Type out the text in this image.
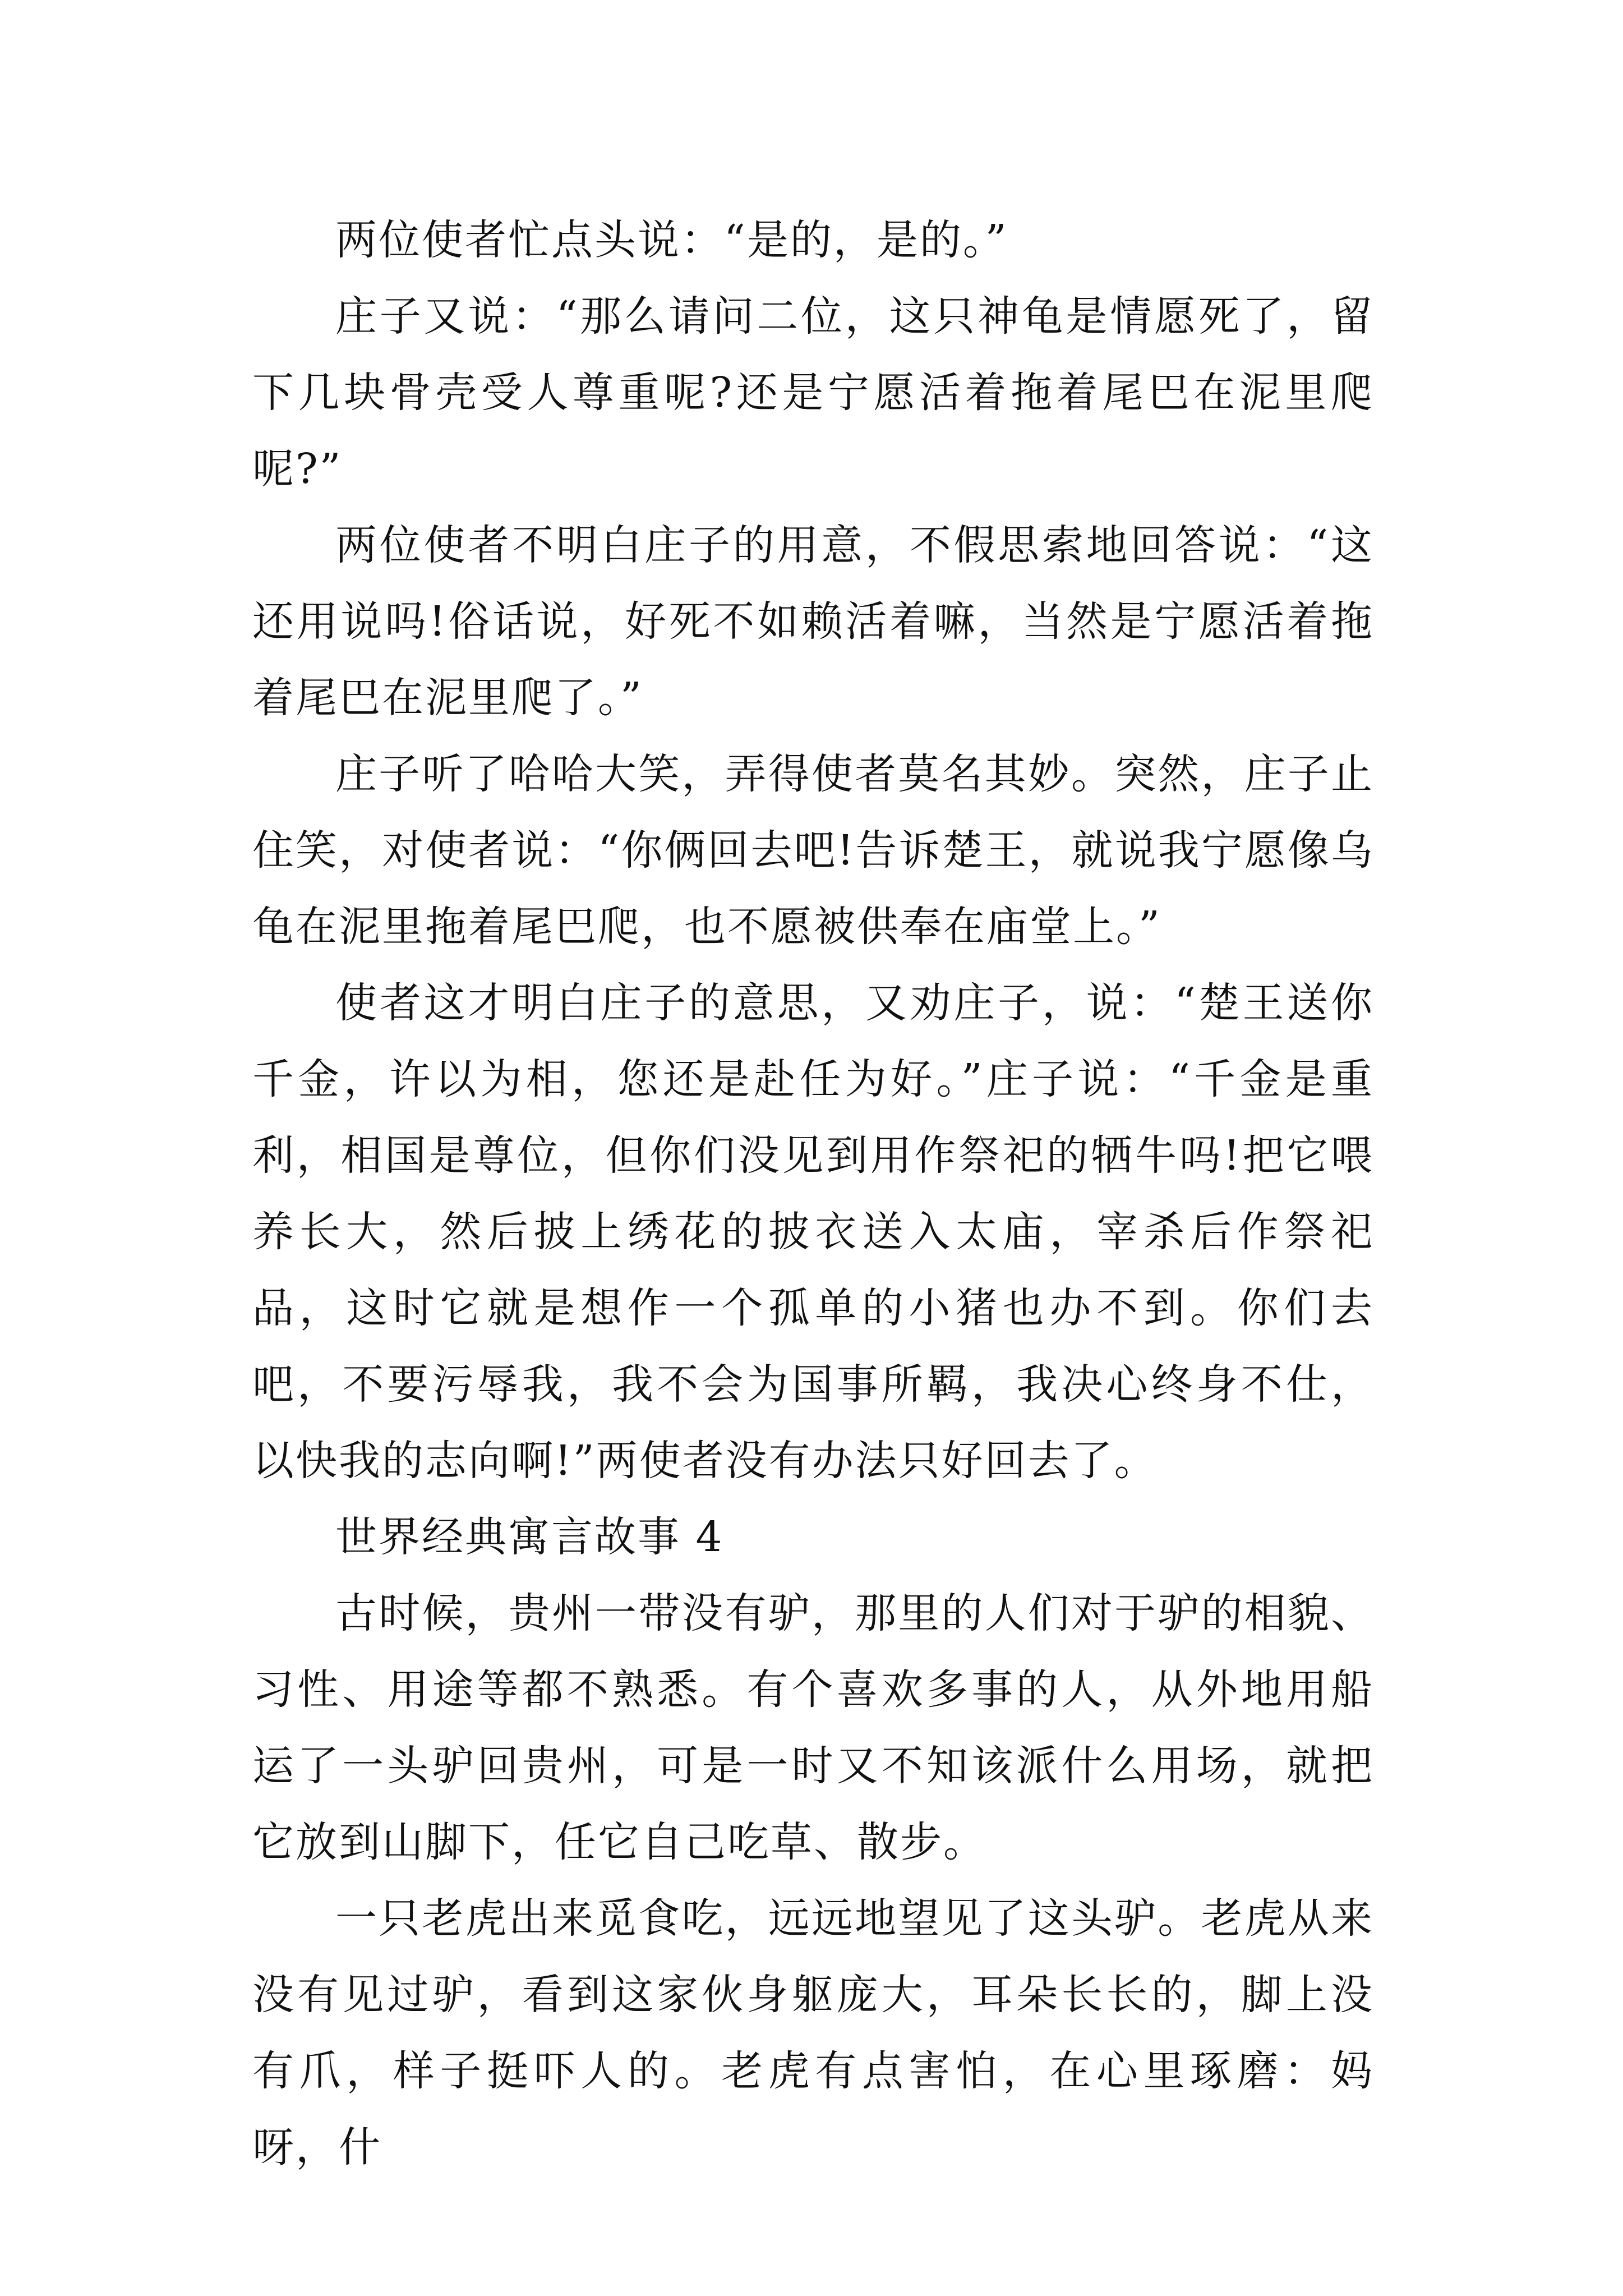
两位使者忙点头说：“是的，是的。”

庄子又说：“那么请问二位，这只神龟是情愿死了，留下几块骨壳受人尊重呢?还是宁愿活着拖着尾巴在泥里爬呢?”

两位使者不明白庄子的用意，不假思索地回答说：“这还用说吗!俗话说，好死不如赖活着嘛，当然是宁愿活着拖着尾巴在泥里爬了。”

庄子听了哈哈大笑，弄得使者莫名其妙。突然，庄子止住笑，对使者说：“你俩回去吧!告诉楚王，就说我宁愿像乌龟在泥里拖着尾巴爬，也不愿被供奉在庙堂上。”

使者这才明白庄子的意思，又劝庄子，说：“楚王送你千金，许以为相，您还是赴任为好。”庄子说：“千金是重利，相国是尊位，但你们没见到用作祭祀的牺牛吗!把它喂养长大，然后披上绣花的披衣送入太庙，宰杀后作祭祀品，这时它就是想作一个孤单的小猪也办不到。你们去吧，不要污辱我，我不会为国事所羁，我决心终身不仕，以快我的志向啊!”两使者没有办法只好回去了。

世界经典寓言故事 4

古时候，贵州一带没有驴，那里的人们对于驴的相貌、习性、用途等都不熟悉。有个喜欢多事的人，从外地用船运了一头驴回贵州，可是一时又不知该派什么用场，就把它放到山脚下，任它自己吃草、散步。

一只老虎出来觅食吃，远远地望见了这头驴。老虎从来没有见过驴，看到这家伙身躯庞大，耳朵长长的，脚上没有爪，样子挺吓人的。老虎有点害怕，在心里琢磨：妈呀，什
